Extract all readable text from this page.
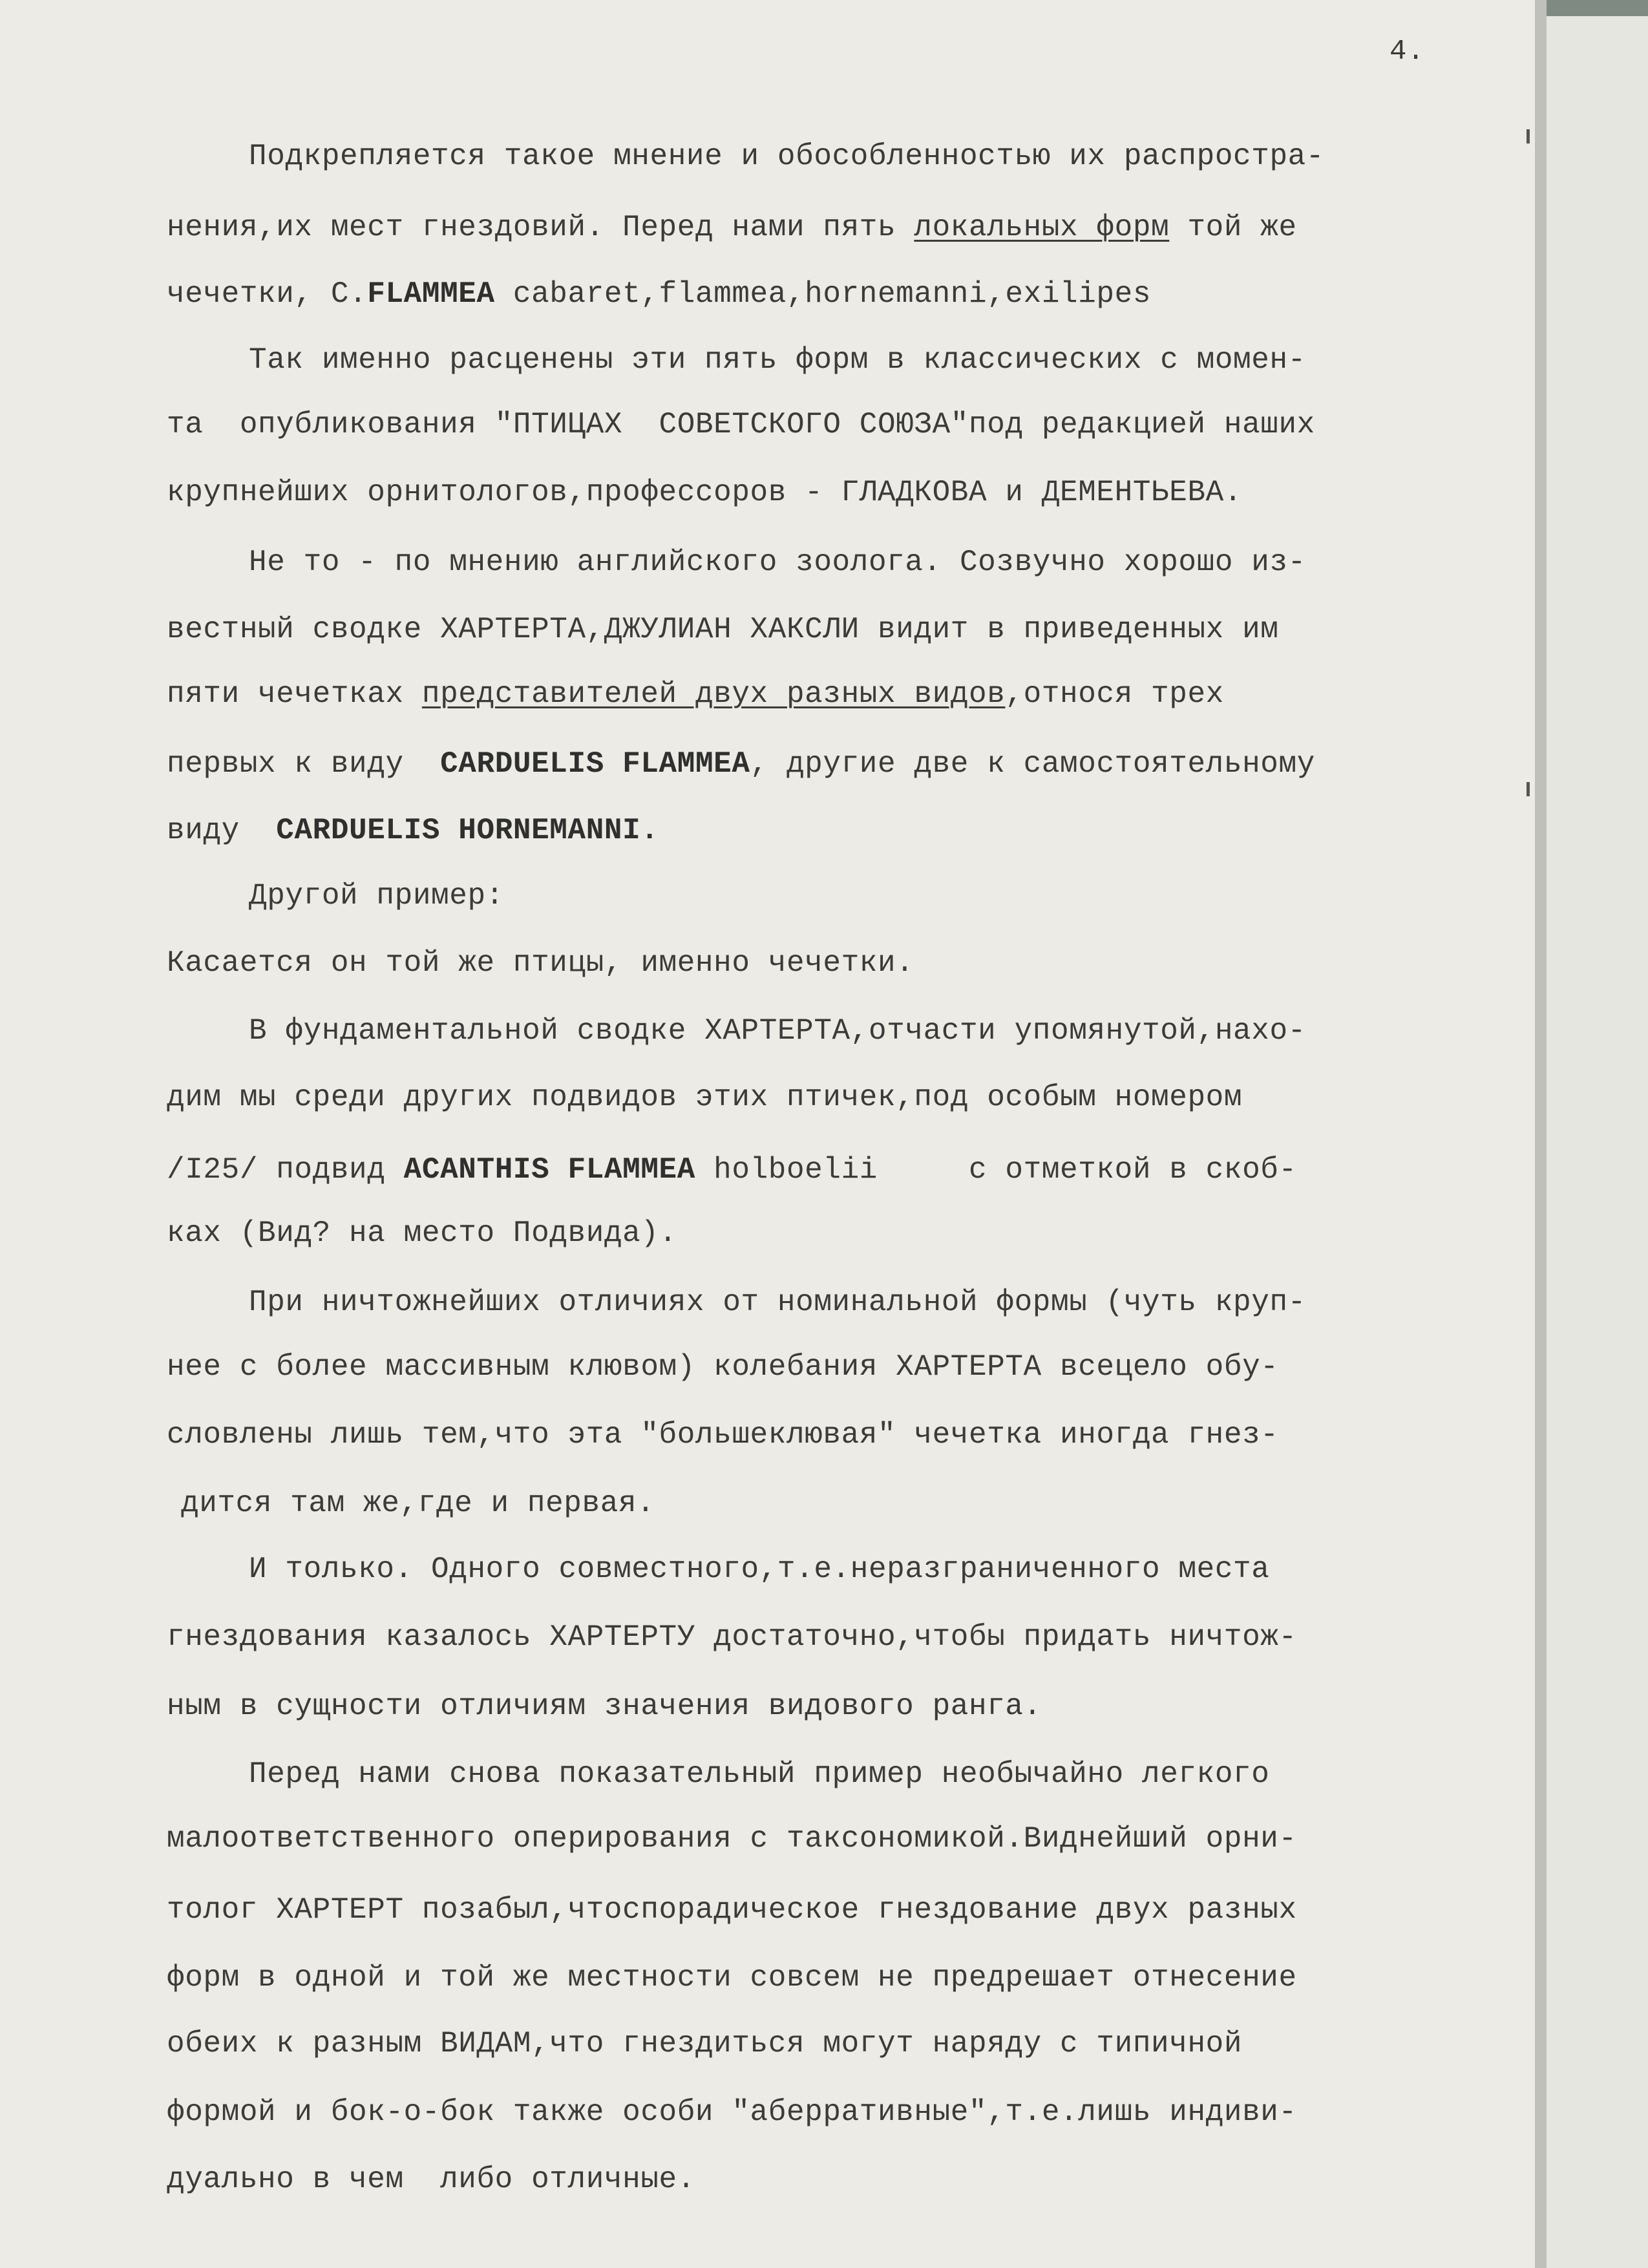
4.
Подкрепляется такое мнение и обособленностью их распростра-
нения,их мест гнездовий. Перед нами пять локальных форм той же
чечетки, С.FLAMMEA cabaret,flammea,hornemanni,exilipes
Так именно расценены эти пять форм в классических с момен-
та  опубликования "ПТИЦАХ  СОВЕТСКОГО СОЮЗА"под редакцией наших
крупнейших орнитологов,профессоров - ГЛАДКОВА и ДЕМЕНТЬЕВА.
Не то - по мнению английского зоолога. Созвучно хорошо из-
вестный сводке ХАРТЕРТА,ДЖУЛИАН ХАКСЛИ видит в приведенных им
пяти чечетках представителей двух разных видов,относя трех
первых к виду  CARDUELIS FLAMMEA, другие две к самостоятельному
виду  CARDUELIS HORNEMANNI.
Другой пример:
Касается он той же птицы, именно чечетки.
В фундаментальной сводке ХАРТЕРТА,отчасти упомянутой,нахо-
дим мы среди других подвидов этих птичек,под особым номером
/I25/ подвид ACANTHIS FLAMMEA holboelii     с отметкой в скоб-
ках (Вид? на место Подвида).
При ничтожнейших отличиях от номинальной формы (чуть круп-
нее с более массивным клювом) колебания ХАРТЕРТА всецело обу-
словлены лишь тем,что эта "большеклювая" чечетка иногда гнез-
дится там же,где и первая.
И только. Одного совместного,т.е.неразграниченного места
гнездования казалось ХАРТЕРТУ достаточно,чтобы придать ничтож-
ным в сущности отличиям значения видового ранга.
Перед нами снова показательный пример необычайно легкого
малоответственного оперирования с таксономикой.Виднейший орни-
толог ХАРТЕРТ позабыл,чтоспорадическое гнездование двух разных
форм в одной и той же местности совсем не предрешает отнесение
обеих к разным ВИДАМ,что гнездиться могут наряду с типичной
формой и бок-о-бок также особи "аберративные",т.е.лишь индиви-
дуально в чем  либо отличные.
